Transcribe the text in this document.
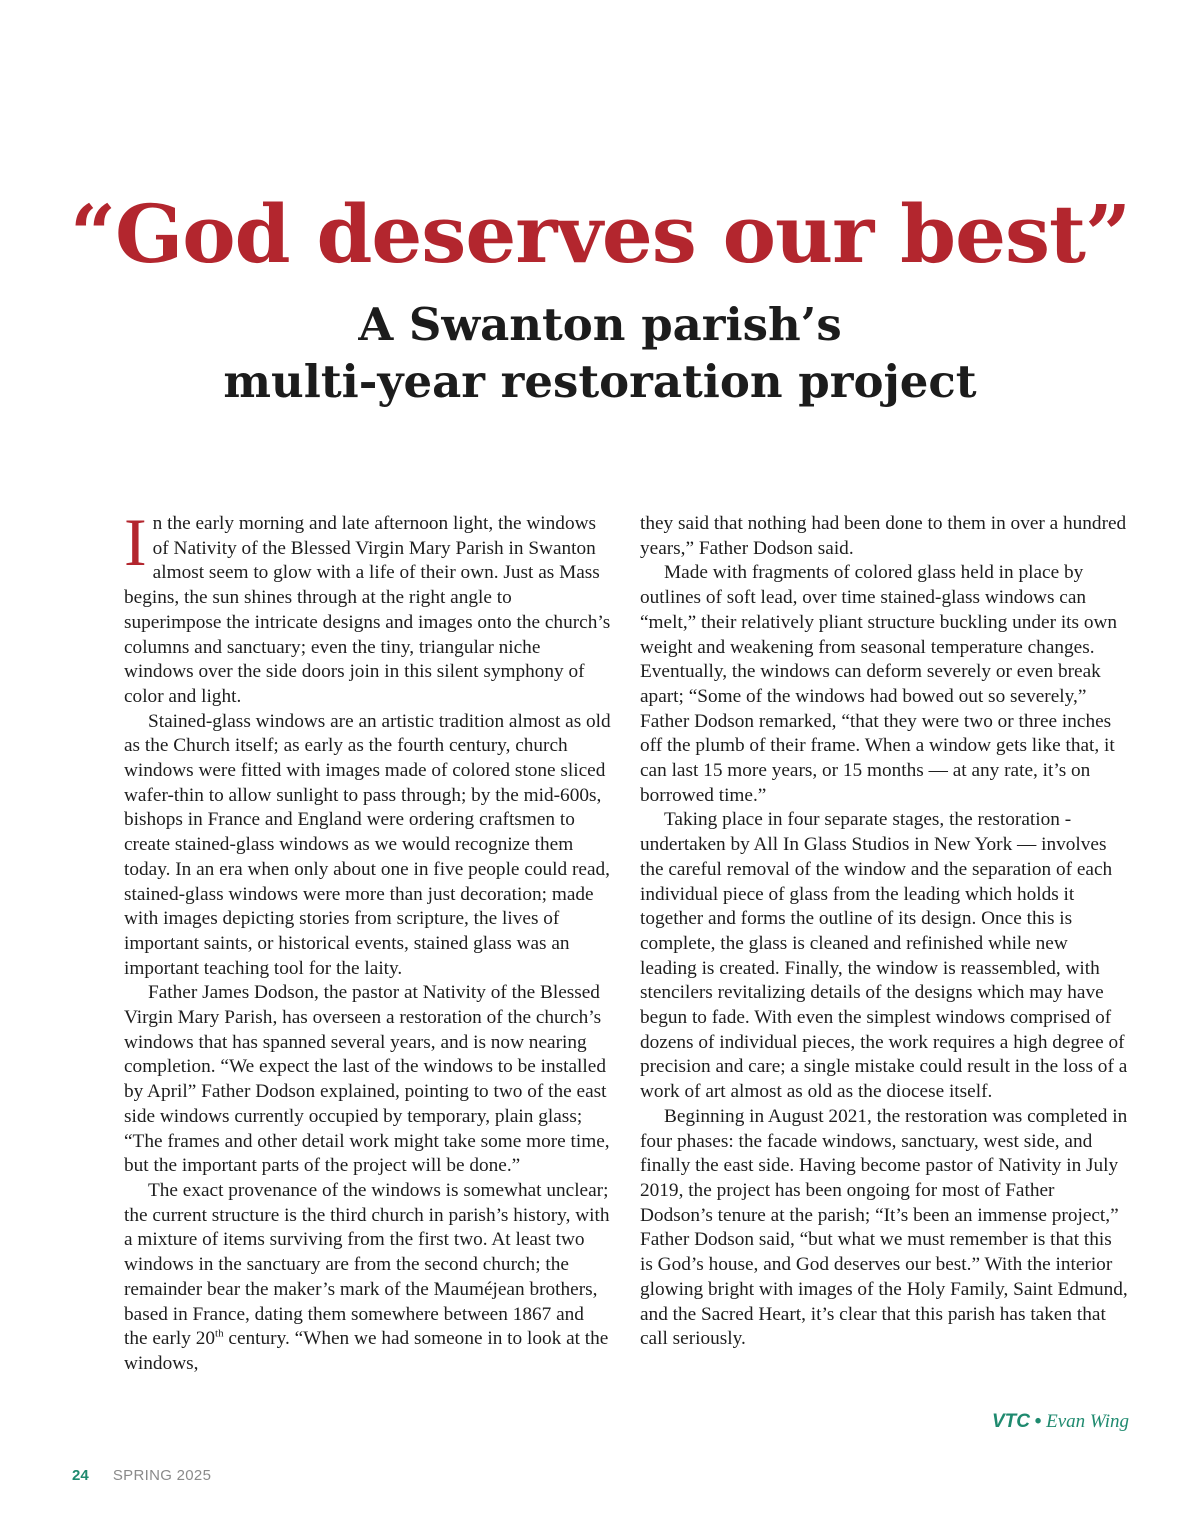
“God deserves our best”
A Swanton parish’s
multi-year restoration project

In the early morning and late afternoon light, the windows of Nativity of the Blessed Virgin Mary Parish in Swanton almost seem to glow with a life of their own. Just as Mass begins, the sun shines through at the right angle to superimpose the intricate designs and images onto the church’s columns and sanctuary; even the tiny, triangular niche windows over the side doors join in this silent symphony of color and light.

Stained-glass windows are an artistic tradition almost as old as the Church itself; as early as the fourth century, church windows were fitted with images made of colored stone sliced wafer-thin to allow sunlight to pass through; by the mid-600s, bishops in France and England were ordering craftsmen to create stained-glass windows as we would recognize them today. In an era when only about one in five people could read, stained-glass windows were more than just decoration; made with images depicting stories from scripture, the lives of important saints, or historical events, stained glass was an important teaching tool for the laity.

Father James Dodson, the pastor at Nativity of the Blessed Virgin Mary Parish, has overseen a restoration of the church’s windows that has spanned several years, and is now nearing completion. “We expect the last of the windows to be installed by April” Father Dodson explained, pointing to two of the east side windows currently occupied by temporary, plain glass; “The frames and other detail work might take some more time, but the important parts of the project will be done.”

The exact provenance of the windows is somewhat unclear; the current structure is the third church in parish’s history, with a mixture of items surviving from the first two. At least two windows in the sanctuary are from the second church; the remainder bear the maker’s mark of the Mauméjean brothers, based in France, dating them somewhere between 1867 and the early 20th century. “When we had someone in to look at the windows,

they said that nothing had been done to them in over a hundred years,” Father Dodson said.

Made with fragments of colored glass held in place by outlines of soft lead, over time stained-glass windows can “melt,” their relatively pliant structure buckling under its own weight and weakening from seasonal temperature changes. Eventually, the windows can deform severely or even break apart; “Some of the windows had bowed out so severely,” Father Dodson remarked, “that they were two or three inches off the plumb of their frame. When a window gets like that, it can last 15 more years, or 15 months — at any rate, it’s on borrowed time.”

Taking place in four separate stages, the restoration - undertaken by All In Glass Studios in New York — involves the careful removal of the window and the separation of each individual piece of glass from the leading which holds it together and forms the outline of its design. Once this is complete, the glass is cleaned and refinished while new leading is created. Finally, the window is reassembled, with stencilers revitalizing details of the designs which may have begun to fade. With even the simplest windows comprised of dozens of individual pieces, the work requires a high degree of precision and care; a single mistake could result in the loss of a work of art almost as old as the diocese itself.

Beginning in August 2021, the restoration was completed in four phases: the facade windows, sanctuary, west side, and finally the east side. Having become pastor of Nativity in July 2019, the project has been ongoing for most of Father Dodson’s tenure at the parish; “It’s been an immense project,” Father Dodson said, “but what we must remember is that this is God’s house, and God deserves our best.” With the interior glowing bright with images of the Holy Family, Saint Edmund, and the Sacred Heart, it’s clear that this parish has taken that call seriously.

VTC • Evan Wing
24 SPRING 2025
